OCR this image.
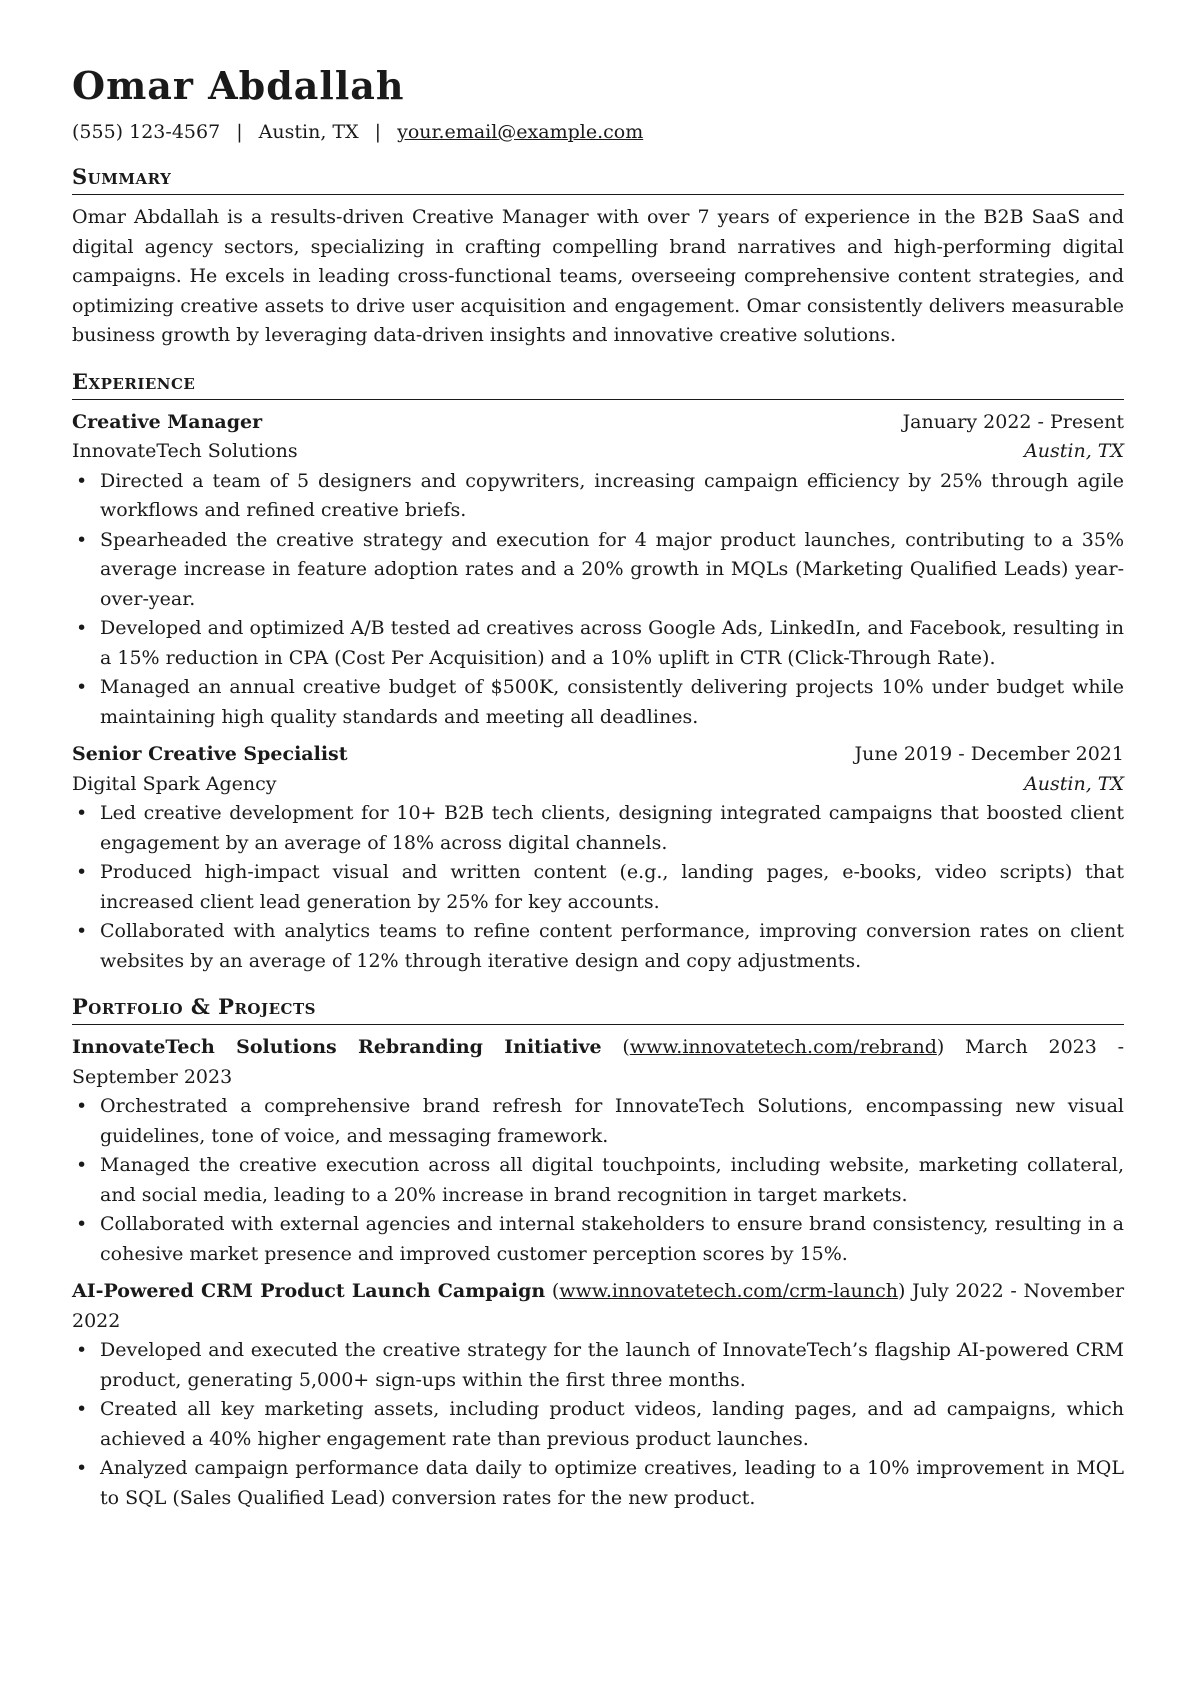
Omar Abdallah
(555) 123-4567 | Austin, TX | your.email@example.com
Summary
Omar Abdallah is a results-driven Creative Manager with over 7 years of experience in the B2B SaaS and digital agency sectors, specializing in crafting compelling brand narratives and high-performing digital campaigns. He excels in leading cross-functional teams, overseeing comprehensive content strategies, and optimizing creative assets to drive user acquisition and engagement. Omar consistently delivers measurable business growth by leveraging data-driven insights and innovative creative solutions.
Experience
Creative Manager	January 2022 - Present
InnovateTech Solutions	Austin, TX
• Directed a team of 5 designers and copywriters, increasing campaign efficiency by 25% through agile workflows and refined creative briefs.
• Spearheaded the creative strategy and execution for 4 major product launches, contributing to a 35% average increase in feature adoption rates and a 20% growth in MQLs (Marketing Qualified Leads) year-over-year.
• Developed and optimized A/B tested ad creatives across Google Ads, LinkedIn, and Facebook, resulting in a 15% reduction in CPA (Cost Per Acquisition) and a 10% uplift in CTR (Click-Through Rate).
• Managed an annual creative budget of $500K, consistently delivering projects 10% under budget while maintaining high quality standards and meeting all deadlines.
Senior Creative Specialist	June 2019 - December 2021
Digital Spark Agency	Austin, TX
• Led creative development for 10+ B2B tech clients, designing integrated campaigns that boosted client engagement by an average of 18% across digital channels.
• Produced high-impact visual and written content (e.g., landing pages, e-books, video scripts) that increased client lead generation by 25% for key accounts.
• Collaborated with analytics teams to refine content performance, improving conversion rates on client websites by an average of 12% through iterative design and copy adjustments.
Portfolio & Projects
InnovateTech Solutions Rebranding Initiative (www.innovatetech.com/rebrand) March 2023 - September 2023
• Orchestrated a comprehensive brand refresh for InnovateTech Solutions, encompassing new visual guidelines, tone of voice, and messaging framework.
• Managed the creative execution across all digital touchpoints, including website, marketing collateral, and social media, leading to a 20% increase in brand recognition in target markets.
• Collaborated with external agencies and internal stakeholders to ensure brand consistency, resulting in a cohesive market presence and improved customer perception scores by 15%.
AI-Powered CRM Product Launch Campaign (www.innovatetech.com/crm-launch) July 2022 - November 2022
• Developed and executed the creative strategy for the launch of InnovateTech’s flagship AI-powered CRM product, generating 5,000+ sign-ups within the first three months.
• Created all key marketing assets, including product videos, landing pages, and ad campaigns, which achieved a 40% higher engagement rate than previous product launches.
• Analyzed campaign performance data daily to optimize creatives, leading to a 10% improvement in MQL to SQL (Sales Qualified Lead) conversion rates for the new product.
